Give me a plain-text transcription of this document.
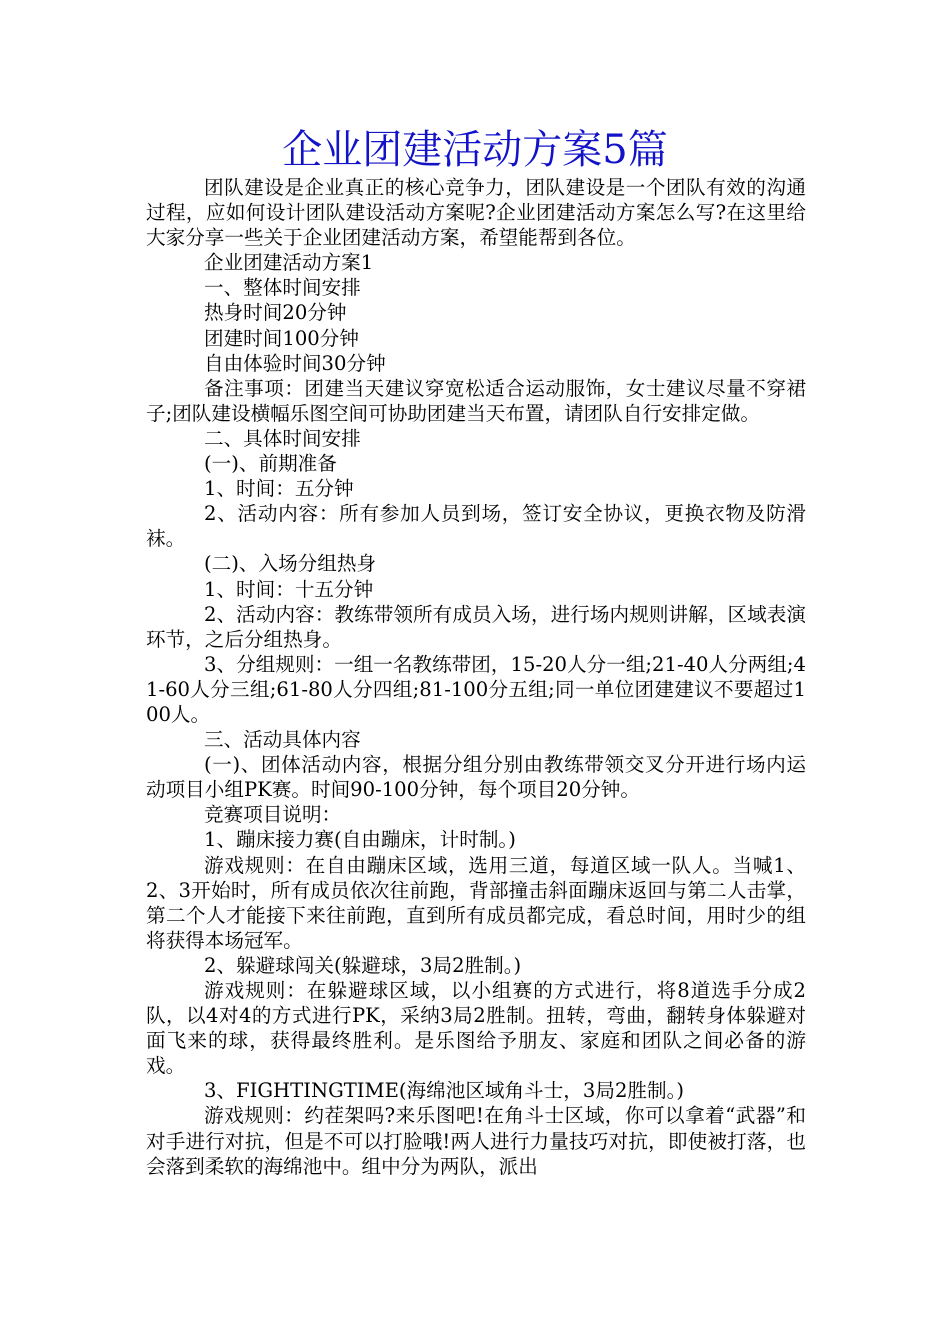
企业团建活动方案5篇

团队建设是企业真正的核心竞争力，团队建设是一个团队有效的沟通过程，应如何设计团队建设活动方案呢?企业团建活动方案怎么写?在这里给大家分享一些关于企业团建活动方案，希望能帮到各位。

企业团建活动方案1

一、整体时间安排

热身时间20分钟

团建时间100分钟

自由体验时间30分钟

备注事项：团建当天建议穿宽松适合运动服饰，女士建议尽量不穿裙子;团队建设横幅乐图空间可协助团建当天布置，请团队自行安排定做。

二、具体时间安排

(一)、前期准备

1、时间：五分钟

2、活动内容：所有参加人员到场，签订安全协议，更换衣物及防滑袜。

(二)、入场分组热身

1、时间：十五分钟

2、活动内容：教练带领所有成员入场，进行场内规则讲解，区域表演环节，之后分组热身。

3、分组规则：一组一名教练带团，15-20人分一组;21-40人分两组;41-60人分三组;61-80人分四组;81-100分五组;同一单位团建建议不要超过100人。

三、活动具体内容

(一)、团体活动内容，根据分组分别由教练带领交叉分开进行场内运动项目小组PK赛。时间90-100分钟，每个项目20分钟。

竞赛项目说明：

1、蹦床接力赛(自由蹦床，计时制。)

游戏规则：在自由蹦床区域，选用三道，每道区域一队人。当喊1、2、3开始时，所有成员依次往前跑，背部撞击斜面蹦床返回与第二人击掌，第二个人才能接下来往前跑，直到所有成员都完成，看总时间，用时少的组将获得本场冠军。

2、躲避球闯关(躲避球，3局2胜制。)

游戏规则：在躲避球区域，以小组赛的方式进行，将8道选手分成2队，以4对4的方式进行PK，采纳3局2胜制。扭转，弯曲，翻转身体躲避对面飞来的球，获得最终胜利。是乐图给予朋友、家庭和团队之间必备的游戏。

3、FIGHTINGTIME(海绵池区域角斗士，3局2胜制。)

游戏规则：约茬架吗?来乐图吧!在角斗士区域，你可以拿着“武器”和对手进行对抗，但是不可以打脸哦!两人进行力量技巧对抗，即使被打落，也会落到柔软的海绵池中。组中分为两队，派出
